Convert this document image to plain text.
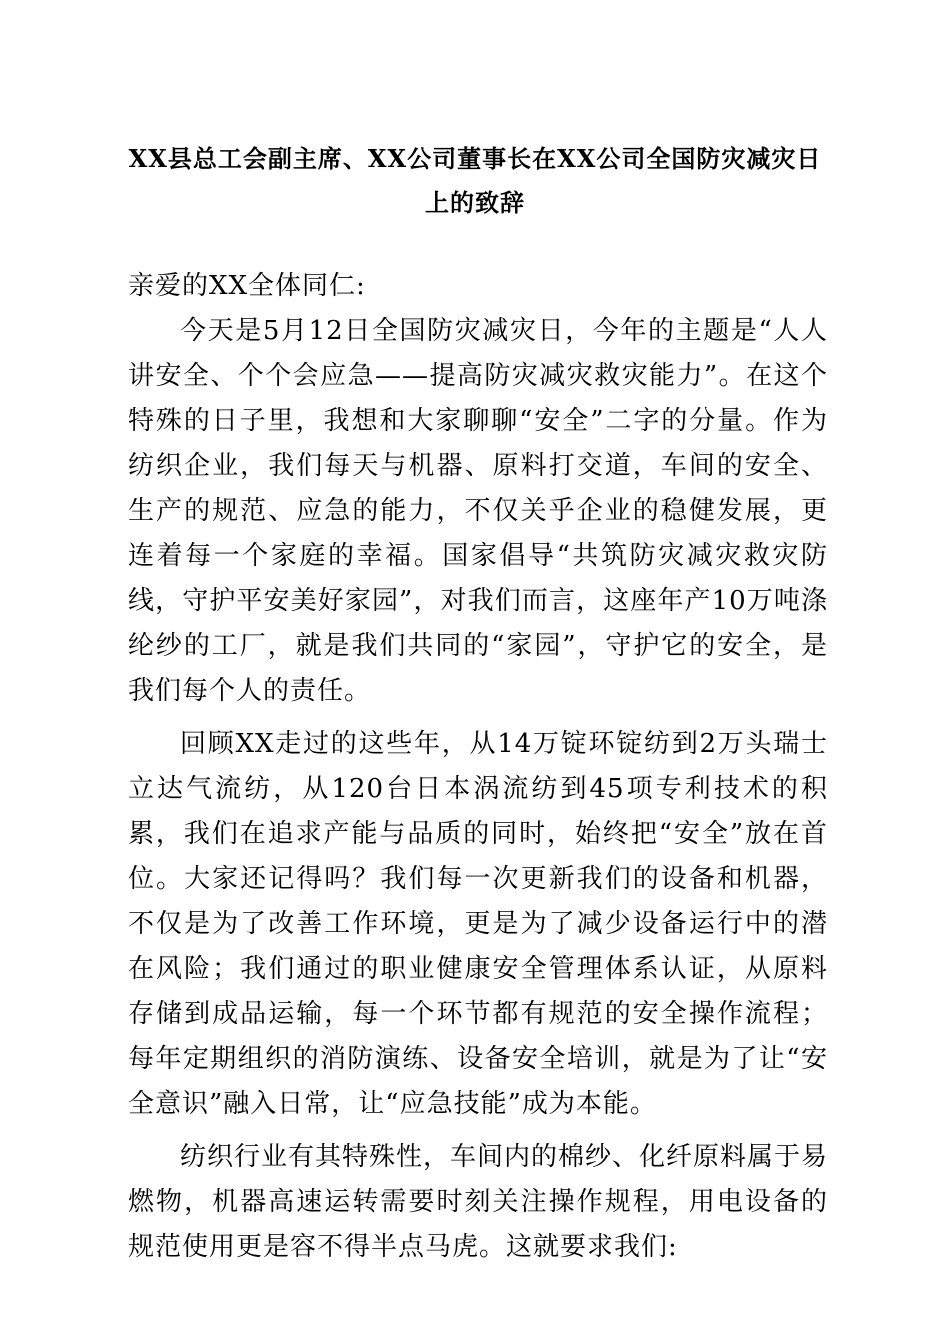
XX县总工会副主席、XX公司董事长在XX公司全国防灾减灾日
上的致辞

亲爱的XX全体同仁:

今天是5月12日全国防灾减灾日，今年的主题是“人人讲安全、个个会应急——提高防灾减灾救灾能力”。在这个特殊的日子里，我想和大家聊聊“安全”二字的分量。作为纺织企业，我们每天与机器、原料打交道，车间的安全、生产的规范、应急的能力，不仅关乎企业的稳健发展，更连着每一个家庭的幸福。国家倡导“共筑防灾减灾救灾防线，守护平安美好家园”，对我们而言，这座年产10万吨涤纶纱的工厂，就是我们共同的“家园”，守护它的安全，是我们每个人的责任。

回顾XX走过的这些年，从14万锭环锭纺到2万头瑞士立达气流纺，从120台日本涡流纺到45项专利技术的积累，我们在追求产能与品质的同时，始终把“安全”放在首位。大家还记得吗？我们每一次更新我们的设备和机器，不仅是为了改善工作环境，更是为了减少设备运行中的潜在风险；我们通过的职业健康安全管理体系认证，从原料存储到成品运输，每一个环节都有规范的安全操作流程；每年定期组织的消防演练、设备安全培训，就是为了让“安全意识”融入日常，让“应急技能”成为本能。

纺织行业有其特殊性，车间内的棉纱、化纤原料属于易燃物，机器高速运转需要时刻关注操作规程，用电设备的规范使用更是容不得半点马虎。这就要求我们:
